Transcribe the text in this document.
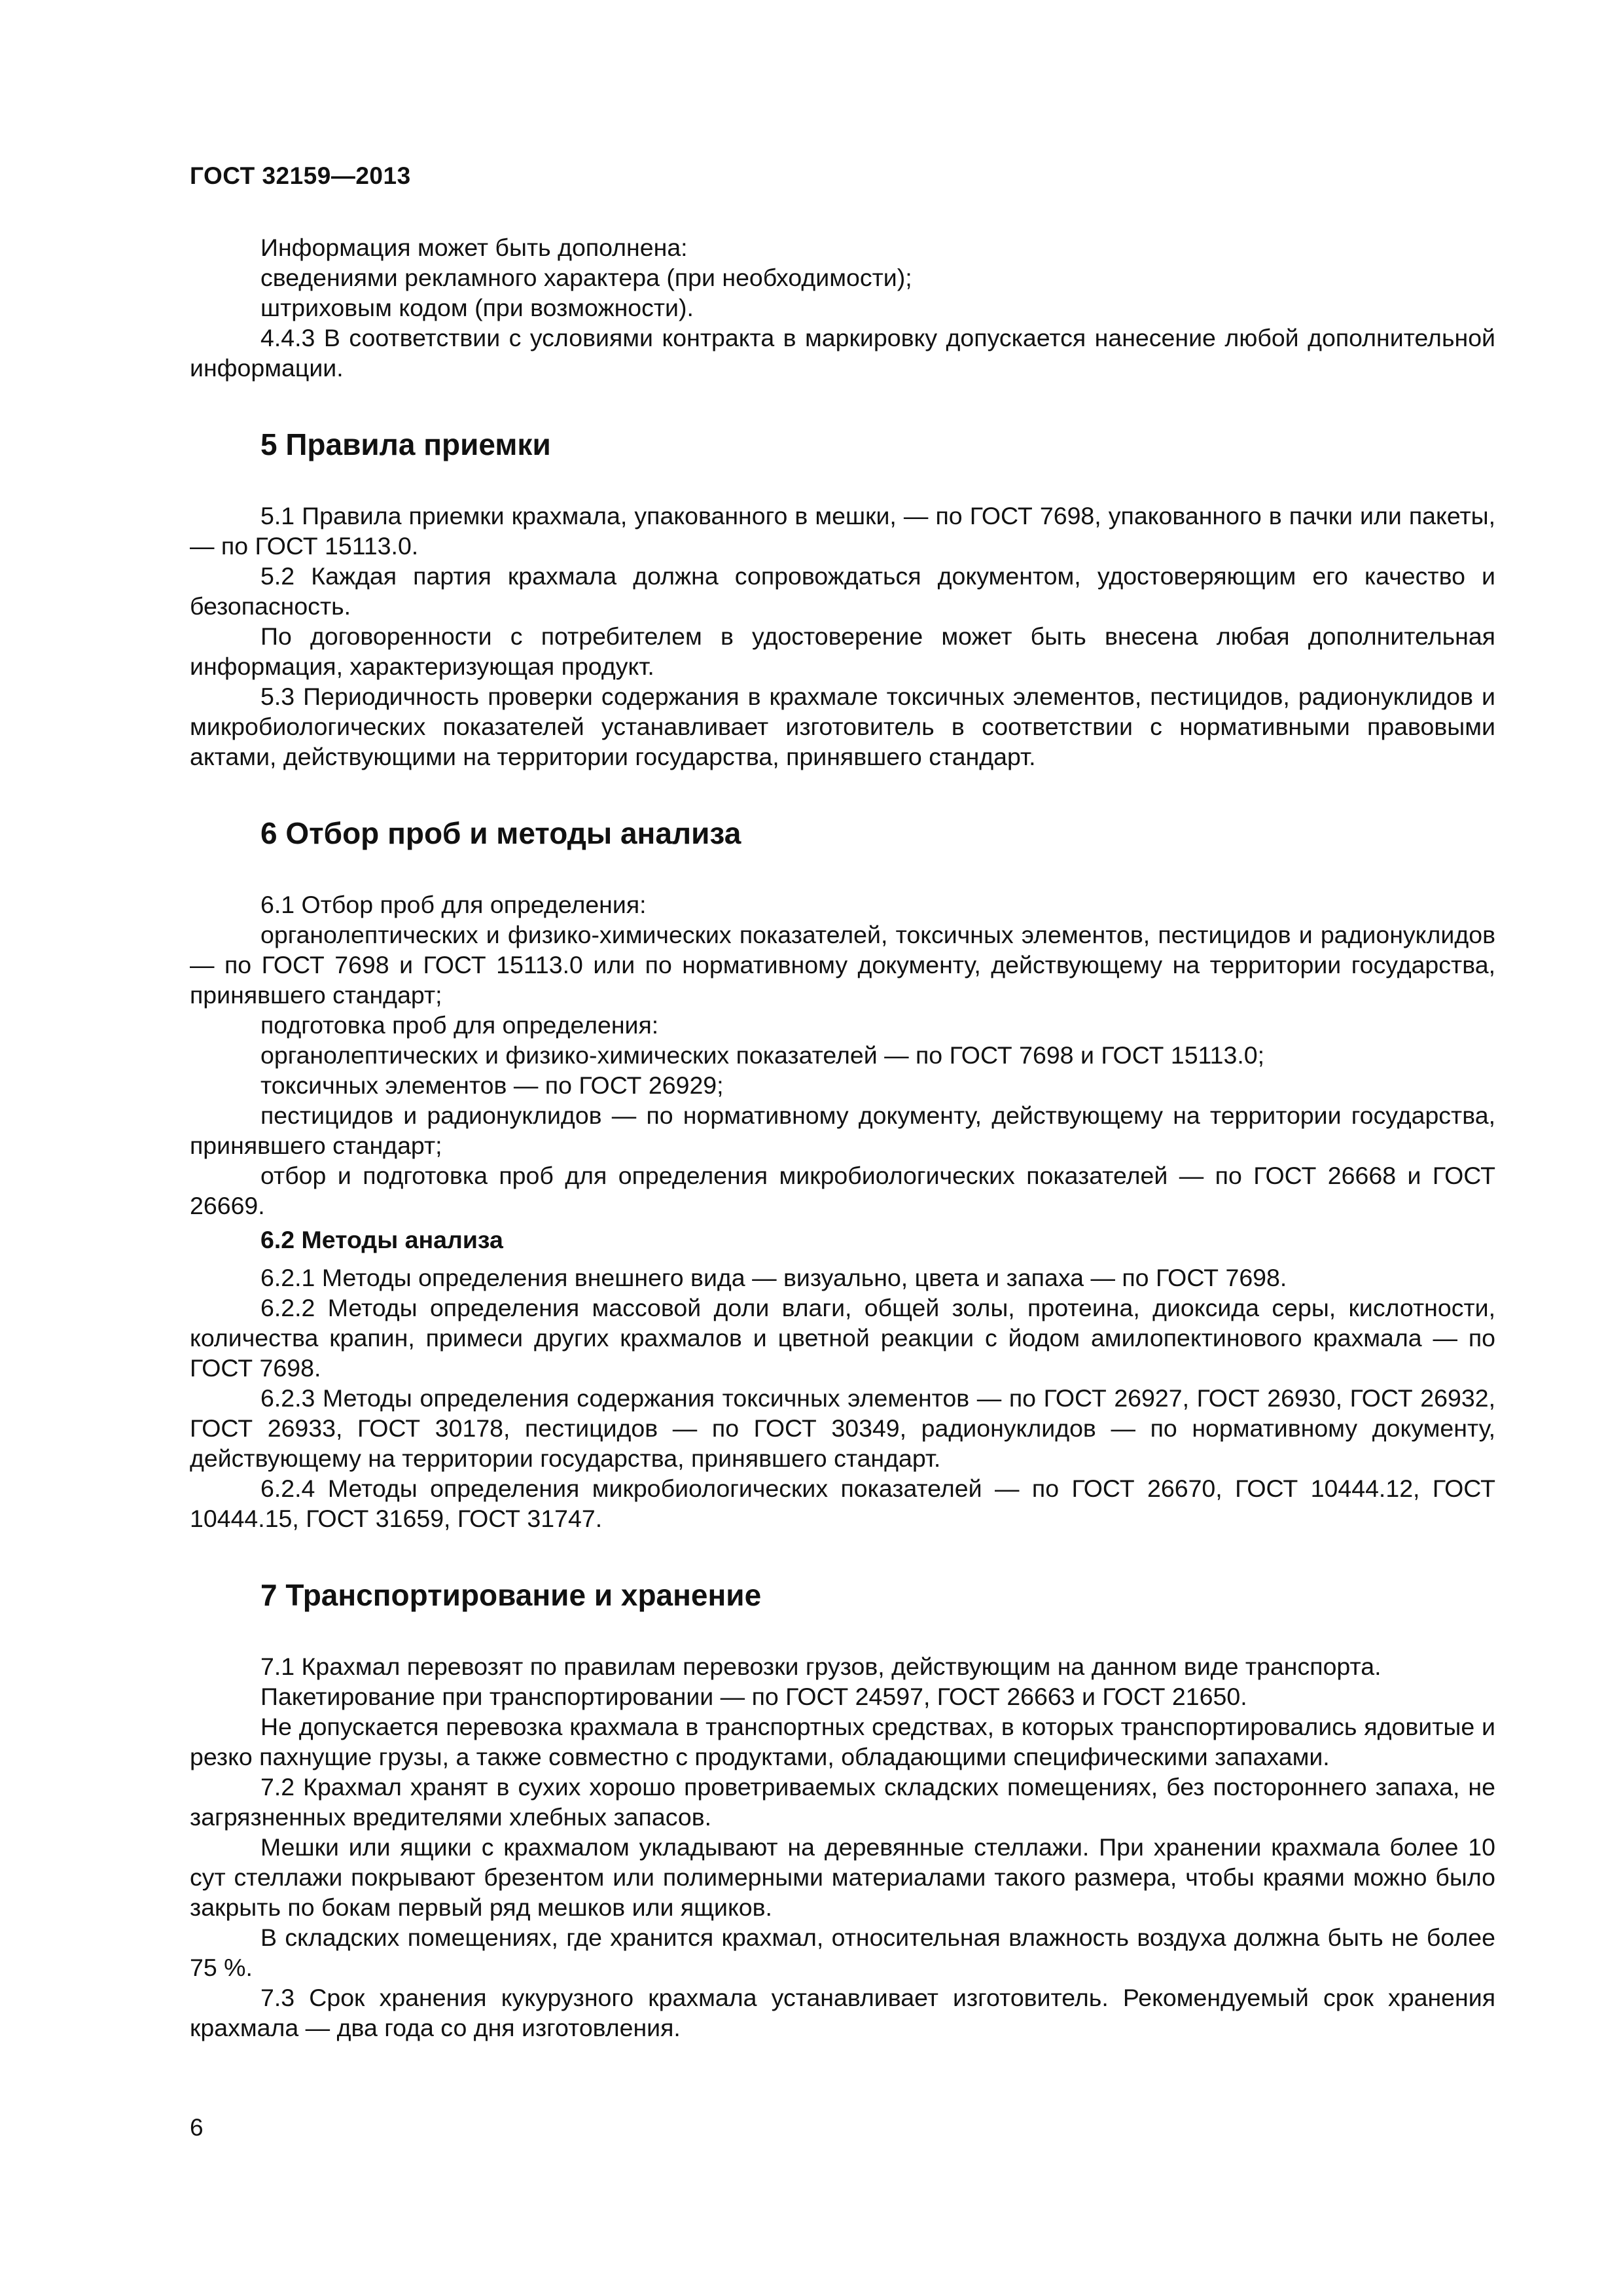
ГОСТ 32159—2013

Информация может быть дополнена:

сведениями рекламного характера (при необходимости);

штриховым кодом (при возможности).

4.4.3 В соответствии с условиями контракта в маркировку допускается нанесение любой дополнительной информации.

5 Правила приемки

5.1 Правила приемки крахмала, упакованного в мешки, — по ГОСТ 7698, упакованного в пачки или пакеты, — по ГОСТ 15113.0.

5.2 Каждая партия крахмала должна сопровождаться документом, удостоверяющим его качество и безопасность.

По договоренности с потребителем в удостоверение может быть внесена любая дополнительная информация, характеризующая продукт.

5.3 Периодичность проверки содержания в крахмале токсичных элементов, пестицидов, радионуклидов и микробиологических показателей устанавливает изготовитель в соответствии с нормативными правовыми актами, действующими на территории государства, принявшего стандарт.

6 Отбор проб и методы анализа

6.1 Отбор проб для определения:

органолептических и физико-химических показателей, токсичных элементов, пестицидов и радионуклидов — по ГОСТ 7698 и ГОСТ 15113.0 или по нормативному документу, действующему на территории государства, принявшего стандарт;

подготовка проб для определения:

органолептических и физико-химических показателей — по ГОСТ 7698 и ГОСТ 15113.0;

токсичных элементов — по ГОСТ 26929;

пестицидов и радионуклидов — по нормативному документу, действующему на территории государства, принявшего стандарт;

отбор и подготовка проб для определения микробиологических показателей — по ГОСТ 26668 и ГОСТ 26669.

6.2 Методы анализа

6.2.1 Методы определения внешнего вида — визуально, цвета и запаха — по ГОСТ 7698.

6.2.2 Методы определения массовой доли влаги, общей золы, протеина, диоксида серы, кислотности, количества крапин, примеси других крахмалов и цветной реакции с йодом амилопектинового крахмала — по ГОСТ 7698.

6.2.3 Методы определения содержания токсичных элементов — по ГОСТ 26927, ГОСТ 26930, ГОСТ 26932, ГОСТ 26933, ГОСТ 30178, пестицидов — по ГОСТ 30349, радионуклидов — по нормативному документу, действующему на территории государства, принявшего стандарт.

6.2.4 Методы определения микробиологических показателей — по ГОСТ 26670, ГОСТ 10444.12, ГОСТ 10444.15, ГОСТ 31659, ГОСТ 31747.

7 Транспортирование и хранение

7.1 Крахмал перевозят по правилам перевозки грузов, действующим на данном виде транспорта.

Пакетирование при транспортировании — по ГОСТ 24597, ГОСТ 26663 и ГОСТ 21650.

Не допускается перевозка крахмала в транспортных средствах, в которых транспортировались ядовитые и резко пахнущие грузы, а также совместно с продуктами, обладающими специфическими запахами.

7.2 Крахмал хранят в сухих хорошо проветриваемых складских помещениях, без постороннего запаха, не загрязненных вредителями хлебных запасов.

Мешки или ящики с крахмалом укладывают на деревянные стеллажи. При хранении крахмала более 10 сут стеллажи покрывают брезентом или полимерными материалами такого размера, чтобы краями можно было закрыть по бокам первый ряд мешков или ящиков.

В складских помещениях, где хранится крахмал, относительная влажность воздуха должна быть не более 75 %.

7.3 Срок хранения кукурузного крахмала устанавливает изготовитель. Рекомендуемый срок хранения крахмала — два года со дня изготовления.

6
